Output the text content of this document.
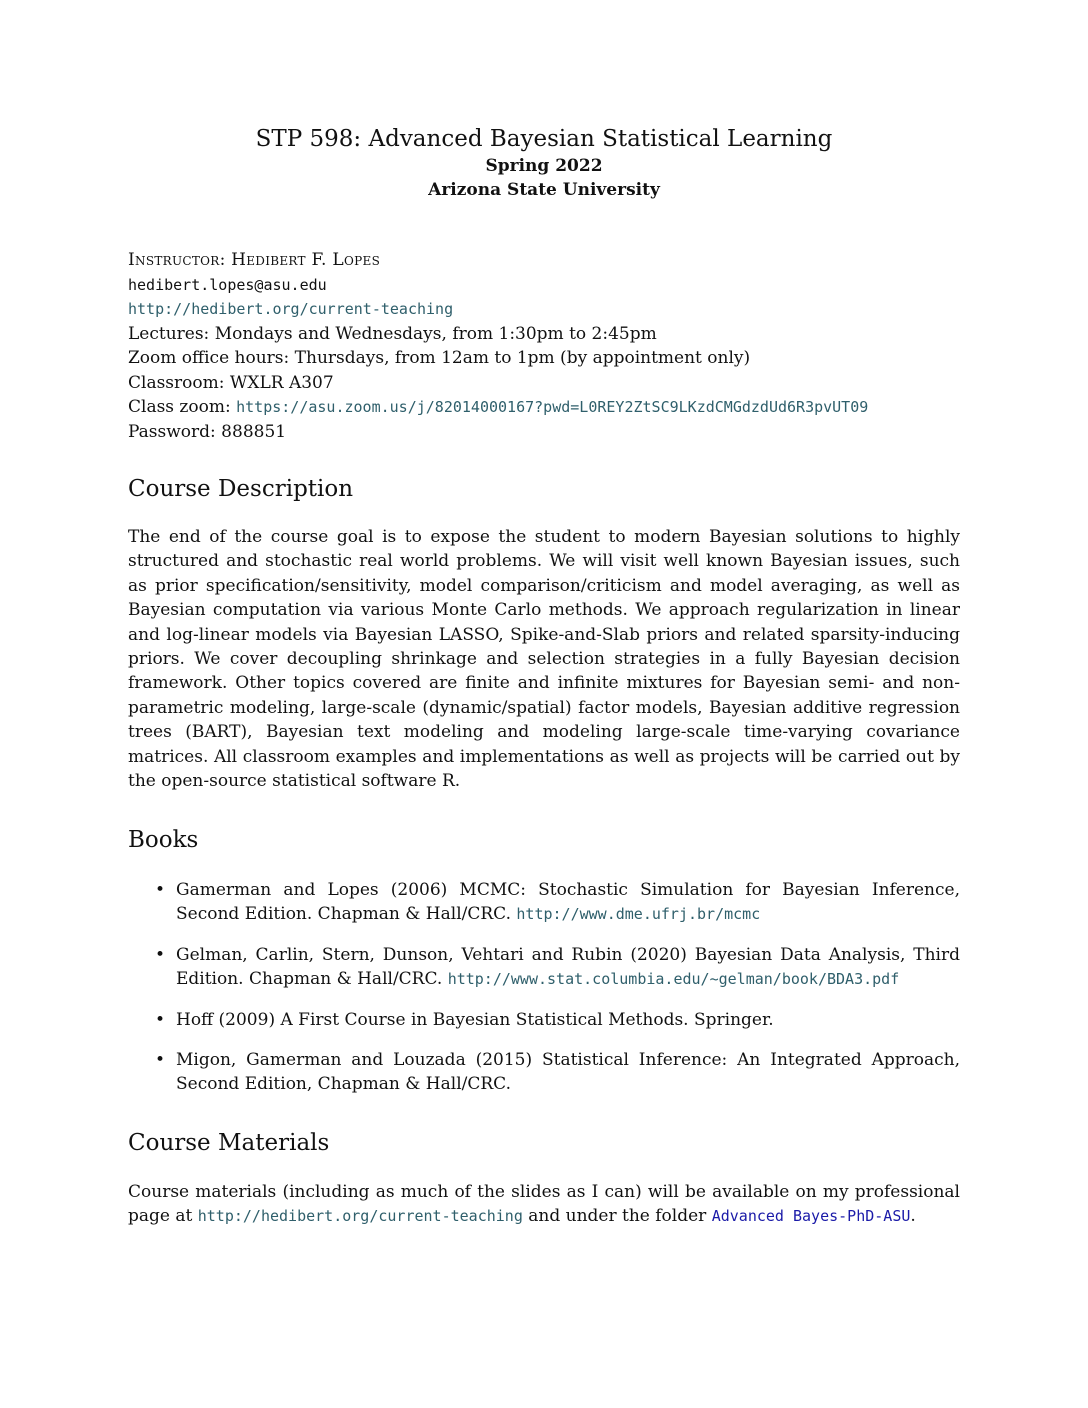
STP 598: Advanced Bayesian Statistical Learning
Spring 2022
Arizona State University
Instructor: Hedibert F. Lopes
hedibert.lopes@asu.edu
http://hedibert.org/current-teaching
Lectures: Mondays and Wednesdays, from 1:30pm to 2:45pm
Zoom office hours: Thursdays, from 12am to 1pm (by appointment only)
Classroom: WXLR A307
Class zoom: https://asu.zoom.us/j/82014000167?pwd=L0REY2ZtSC9LKzdCMGdzdUd6R3pvUT09
Password: 888851
Course Description

The end of the course goal is to expose the student to modern Bayesian solutions to highly structured and stochastic real world problems. We will visit well known Bayesian issues, such as prior specification/sensitivity, model comparison/criticism and model averaging, as well as Bayesian computation via various Monte Carlo methods. We approach regularization in linear and log-linear models via Bayesian LASSO, Spike-and-Slab priors and related sparsity-inducing priors. We cover decoupling shrinkage and selection strategies in a fully Bayesian decision framework. Other topics covered are finite and infinite mixtures for Bayesian semi- and non-parametric modeling, large-scale (dynamic/spatial) factor models, Bayesian additive regression trees (BART), Bayesian text modeling and modeling large-scale time-varying covariance matrices. All classroom examples and implementations as well as projects will be carried out by the open-source statistical software R.

Books
• Gamerman and Lopes (2006) MCMC: Stochastic Simulation for Bayesian Inference, Second Edition. Chapman & Hall/CRC. http://www.dme.ufrj.br/mcmc
• Gelman, Carlin, Stern, Dunson, Vehtari and Rubin (2020) Bayesian Data Analysis, Third Edition. Chapman & Hall/CRC. http://www.stat.columbia.edu/~gelman/book/BDA3.pdf
• Hoff (2009) A First Course in Bayesian Statistical Methods. Springer.
• Migon, Gamerman and Louzada (2015) Statistical Inference: An Integrated Approach, Second Edition, Chapman & Hall/CRC.
Course Materials

Course materials (including as much of the slides as I can) will be available on my professional page at http://hedibert.org/current-teaching and under the folder Advanced Bayes-PhD-ASU.
